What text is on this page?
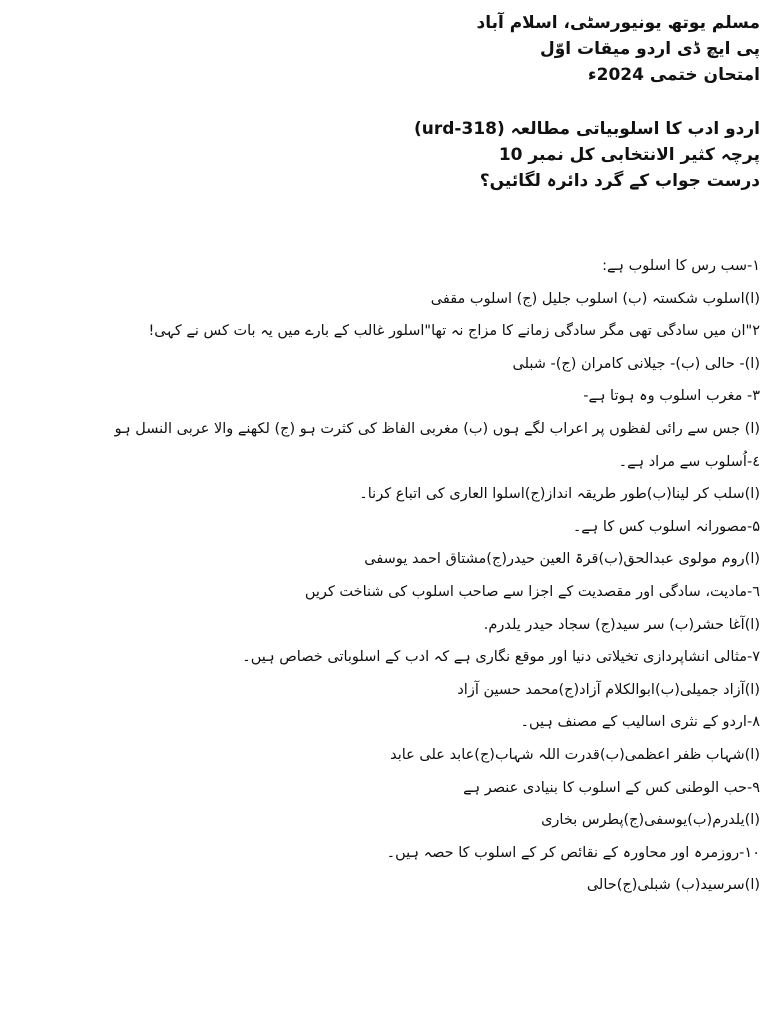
مسلم یوتھ یونیورسٹی، اسلام آباد
پی ایچ ڈی اردو میقات اوّل
امتحان ختمی 2024ء
اردو ادب کا اسلوبیاتی مطالعہ (urd-318)
پرچہ کثیر الانتخابی کل نمبر 10
درست جواب کے گرد دائرہ لگائیں؟
۱-سب رس کا اسلوب ہے:
(ا)اسلوب شکستہ (ب) اسلوب جلیل (ج) اسلوب مقفی
۲"ان میں سادگی تھی مگر سادگی زمانے کا مزاج نہ تھا"اسلور غالب کے بارے میں یہ بات کس نے کہی!
(ا)- حالی (ب)- جیلانی کامران (ج)- شبلی
۳- مغرب اسلوب وہ ہوتا ہے-
(ا) جس سے رائی لفظوں پر اعراب لگے ہوں (ب) مغربی الفاظ کی کثرت ہو (ج) لکھنے والا عربی النسل ہو
٤-اُسلوب سے مراد ہے۔
(ا)سلب کر لینا(ب)طور طریقہ انداز(ج)اسلوا العاری کی اتباع کرنا۔
۵-مصورانہ اسلوب کس کا ہے۔
(ا)روم مولوی عبدالحق(ب)قرۃ العین حیدر(ج)مشتاق احمد یوسفی
٦-مادیت، سادگی اور مقصدیت کے اجزا سے صاحب اسلوب کی شناخت کریں
(ا)آغا حشر(ب) سر سید(ج) سجاد حیدر یلدرم.
۷-مثالی انشاپردازی تخیلاتی دنیا اور موقع نگاری ہے کہ ادب کے اسلوباتی خصاص ہیں۔
(ا)آزاد جمیلی(ب)ابوالکلام آزاد(ج)محمد حسین آزاد
۸-اردو کے نثری اسالیب کے مصنف ہیں۔
(ا)شہاب ظفر اعظمی(ب)قدرت اللہ شہاب(ج)عابد علی عابد
۹-حب الوطنی کس کے اسلوب کا بنیادی عنصر ہے
(ا)یلدرم(ب)یوسفی(ج)پطرس بخاری
۱۰-روزمرہ اور محاورہ کے نقائص کر کے اسلوب کا حصہ ہیں۔
(ا)سرسید(ب) شبلی(ج)حالی
